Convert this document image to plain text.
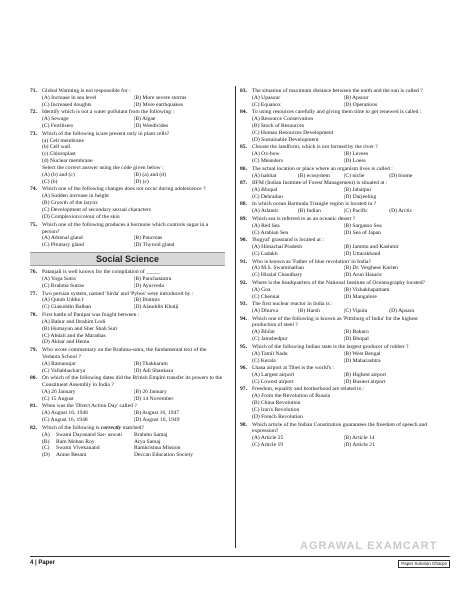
71. Global Warming is not responsible for :
(A) Increase in sea level	(B) More severe storms
(C) Increased doughts	(D) More earthquakes
72. Identify which is not a water pollutant from the following :
(A) Sewage	(B) Algae
(C) Fertilisers	(D) Weedicides
73. Which of the following is/are present only in plant cells?
(a) Cell membrane
(b) Cell wall
(c) Chloroplast
(d) Nuclear membrane
Select the correct answer using the code given below :
(A) (b) and (c)	(B) (a) and (d)
(C) (b)	(D) (c)
74. Which one of the following changes does not occur during adolescence ?
(A) Sudden increase in height
(B) Growth of the larynx
(C) Development of secondary sexual characters
(D) Complexion/colour of the skin
75. Which one of the following produces a hormone which controls sugar in a person?
(A) Adrenal gland	(B) Pancreas
(C) Pituitary gland	(D) Thyroid gland
Social Science
76. Patanjali is well known for the compilation of _____
(A) Yoga Sutra	(B) Panchatantra
(C) Brahma Sutras	(D) Ayurveda
77. Two persian system, named 'Sirda' and 'Pybos' were introduced by :
(A) Qutub Uddin I	(B) Iltutmis
(C) Giasuddin Balban	(D) Alauddin Khalji
78. First battle of Panipat was fought between :
(A) Babur and Ibrahim Lodi
(B) Humayun and Sher Shah Suri
(C) Abdali and the Marathas
(D) Akbar and Hemu
79. Who wrote commentary on the Brahma-sutra, the fundamental text of the Vedanta School ?
(A) Ramanujar	(B) Thakkaram
(C) Vallabhacharya	(D) Adi Shankara
80. On which of the following dates did the British Empire transfer its powers to the Constituent Assembly in India ?
(A) 26 January	(B) 26 January
(C) 15 August	(D) 14 November
81. When was the 'Direct Action Day' called ?
(A) August 16, 1946	(B) August 16, 1947
(C) August 16, 1948	(D) August 16, 1949
82. Which of the following is correctly matched?
(A)	Swami Dayanand Sar- aswati	Brahmo Samaj
(B)	Ram Mohan Roy	Arya Samaj
(C)	Swami Vivekanand	Ramkrishna Mission
(D)	Annie Besant	Deccan Education Society
83. The situation of maximum distance between the earth and the sun is called ?
(A) Upasour	(B) Apsour
(C) Equanox	(D) Operations
84. To using resources carefully and giving them time to get renewed is called :
(A) Resource Conservation
(B) Stock of Resources
(C) Human Resources Development
(D) Sustainable Development
85. Choose the landform, which is not formed by the river ?
(A) Ox-bow	(B) Levees
(C) Meanders	(D) Loess
86. The actual location or place where an organism lives is called :
(A) habitat	(B) ecosystem	(C) niche	(D) biome
87. IIFM (Indian Institute of Forest Management) is situated at :
(A) Bhopal	(B) Jabalpur
(C) Dehradun	(D) Darjeeling
88. In which ocean Barmuda Triangle region is located in ?
(A) Atlantic	(B) Indian	(C) Pacific	(D) Arctic
89. Which sea is referred to as an oceanic desert ?
(A) Red Sea	(B) Sargasso Sea
(C) Arabian Sea	(D) Sea of Japan
90. 'Bugyal' grassland is located at :
(A) Himachal Pradesh	(B) Jammu and Kashmir
(C) Ladakh	(D) Uttarakhand
91. Who is known as 'Father of blue revolution' in India?
(A) M.S. Swaminathan	(B) Dr. Verghese Kurien
(C) Hiralal Chaudhary	(D) Arun Hasaric
92. Where is the headquarters of the National Institute of Oceanography located?
(A) Goa	(B) Vishakhapatnam
(C) Chennai	(D) Mangalore
93. The first nuclear reactor in India is :
(A) Dhurva	(B) Harsh	(C) Vipula	(D) Apsara
94. Which one of the following is known as 'Pittsburg of India' for the highest production of steel ?
(A) Bhilai	(B) Bokaro
(C) Jamshedpur	(D) Bhopal
95. Which of the following Indian state is the largest producer of rubber ?
(A) Tamil Nadu	(B) West Bengal
(C) Kerala	(D) Maharashtra
96. Lhasa airport at Tibet is the world's :
(A) Largest airport	(B) Highest airport
(C) Lowest airport	(D) Busiest airport
97. Freedom, equality and brotherhood are related to :
(A) From the Revolution of Russia
(B) China Revolution
(C) Iran's Revolution
(D) French Revolution
98. Which article of the Indian Constitution guarantees the freedom of speech and expression?
(A) Article 25	(B) Article 14
(C) Article 19	(D) Article 21
AGRAWAL EXAMCART
4 | Paper	Paper Solution Gharpe
